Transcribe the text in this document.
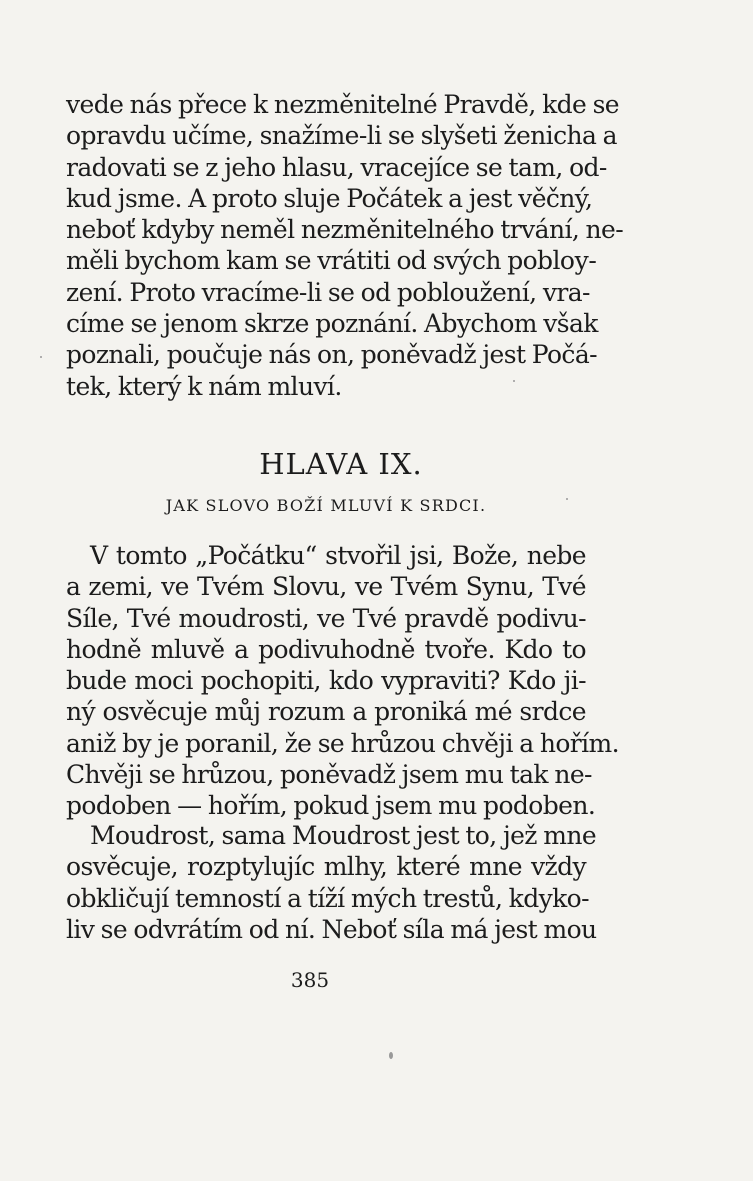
vede nás přece k nezměnitelné Pravdě, kde se
opravdu učíme, snažíme-li se slyšeti ženicha a
radovati se z jeho hlasu, vracejíce se tam, od-
kud jsme. A proto sluje Počátek a jest věčný,
neboť kdyby neměl nezměnitelného trvání, ne-
měli bychom kam se vrátiti od svých pobloу-
zení. Proto vracíme-li se od pobloužení, vra-
címe se jenom skrze poznání. Abychom však
poznali, poučuje nás on, poněvadž jest Počá-
tek, který k nám mluví.
HLAVA IX.
JAK SLOVO BOŽÍ MLUVÍ K SRDCI.
V tomto „Počátku“ stvořil jsi, Bože, nebe
a zemi, ve Tvém Slovu, ve Tvém Synu, Tvé
Síle, Tvé moudrosti, ve Tvé pravdě podivu-
hodně mluvě a podivuhodně tvoře. Kdo to
bude moci pochopiti, kdo vypraviti? Kdo ji-
ný osvěcuje můj rozum a proniká mé srdce
aniž by je poranil, že se hrůzou chvěji a hořím.
Chvěji se hrůzou, poněvadž jsem mu tak ne-
podoben — hořím, pokud jsem mu podoben.
Moudrost, sama Moudrost jest to, jež mne
osvěcuje, rozptylujíc mlhy, které mne vždy
obkličují temností a tíží mých trestů, kdyko-
liv se odvrátím od ní. Neboť síla má jest mou
385
